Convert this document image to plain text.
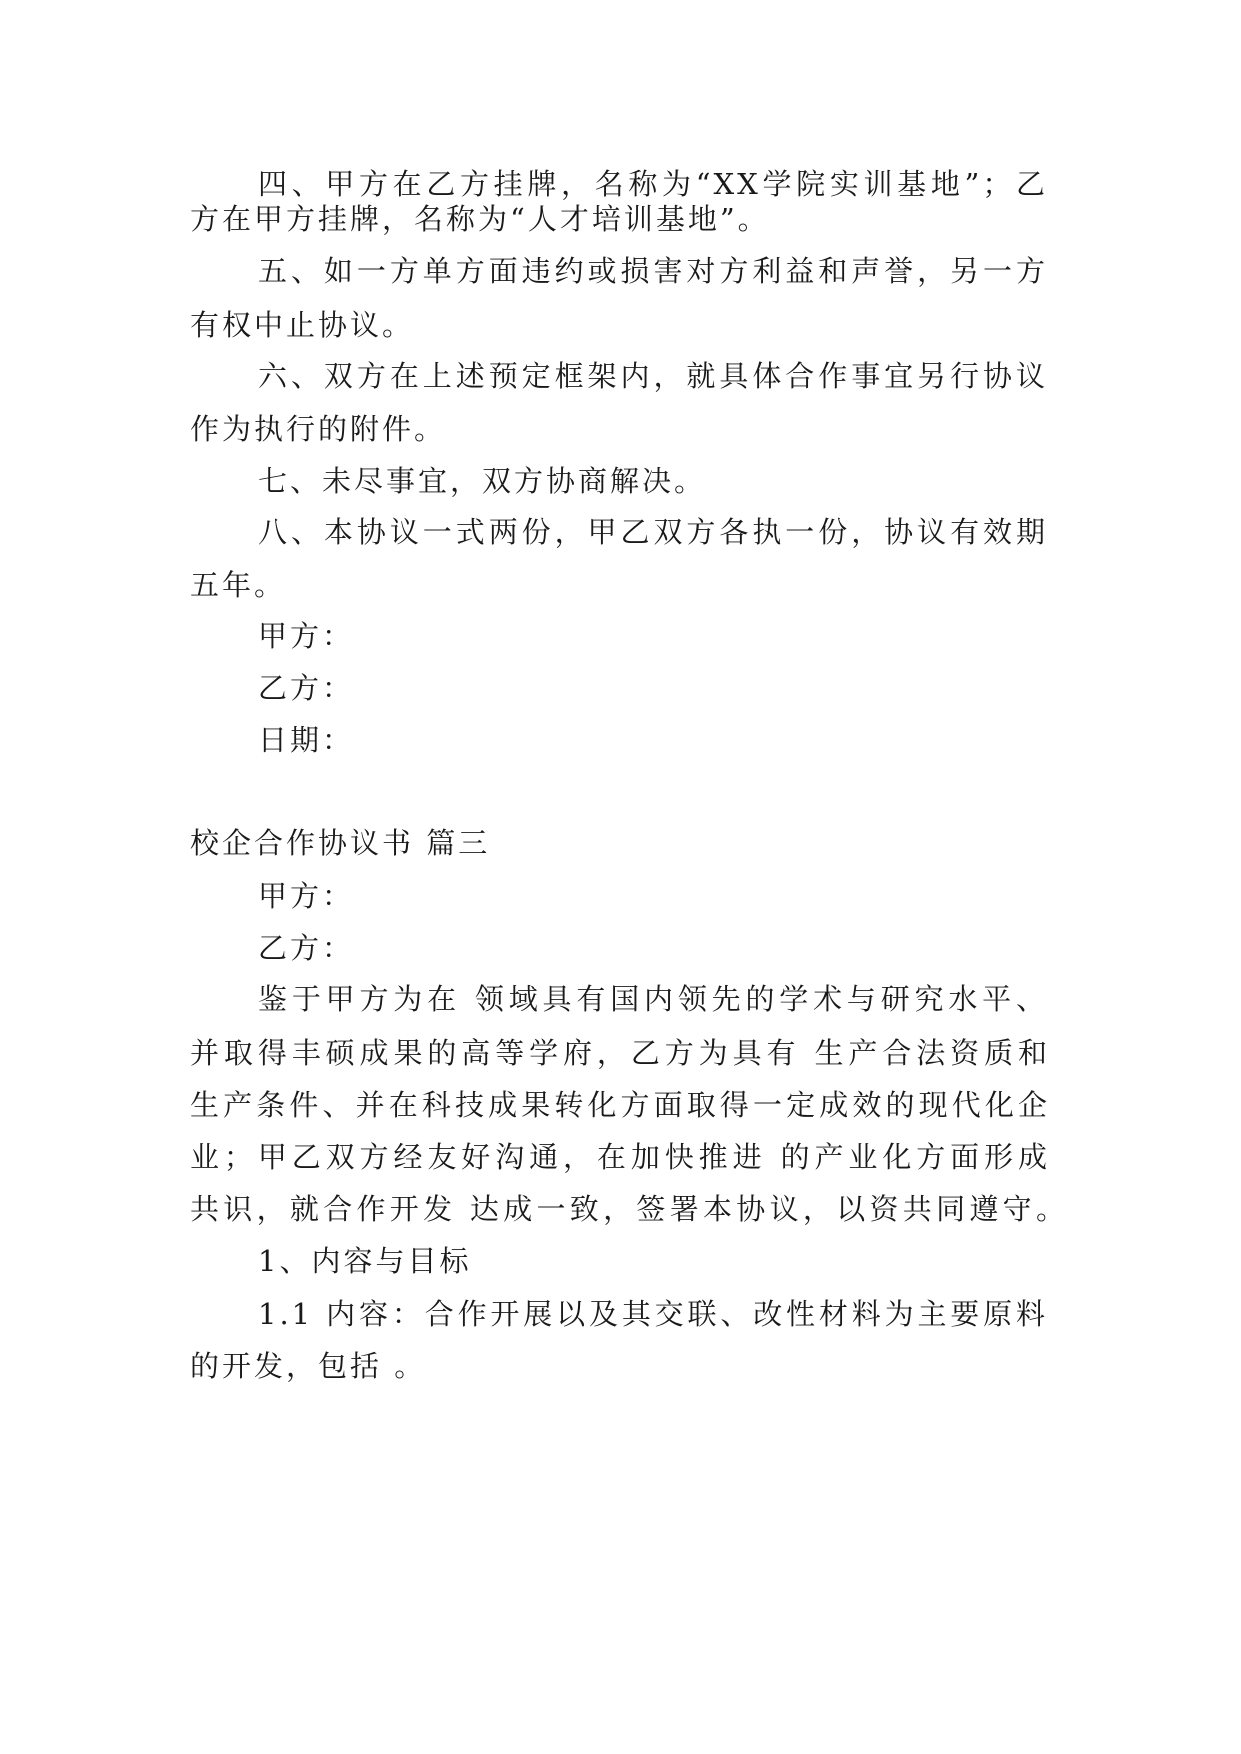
四、甲方在乙方挂牌，名称为“XX学院实训基地”；乙
方在甲方挂牌，名称为“人才培训基地”。
五、如一方单方面违约或损害对方利益和声誉，另一方
有权中止协议。
六、双方在上述预定框架内，就具体合作事宜另行协议
作为执行的附件。
七、未尽事宜，双方协商解决。
八、本协议一式两份，甲乙双方各执一份，协议有效期
五年。
甲方：
乙方：
日期：
校企合作协议书 篇三
甲方：
乙方：
鉴于甲方为在 领域具有国内领先的学术与研究水平、
并取得丰硕成果的高等学府，乙方为具有 生产合法资质和
生产条件、并在科技成果转化方面取得一定成效的现代化企
业；甲乙双方经友好沟通，在加快推进 的产业化方面形成
共识，就合作开发 达成一致，签署本协议，以资共同遵守。
1、内容与目标
1.1 内容：合作开展以及其交联、改性材料为主要原料
的开发，包括 。
